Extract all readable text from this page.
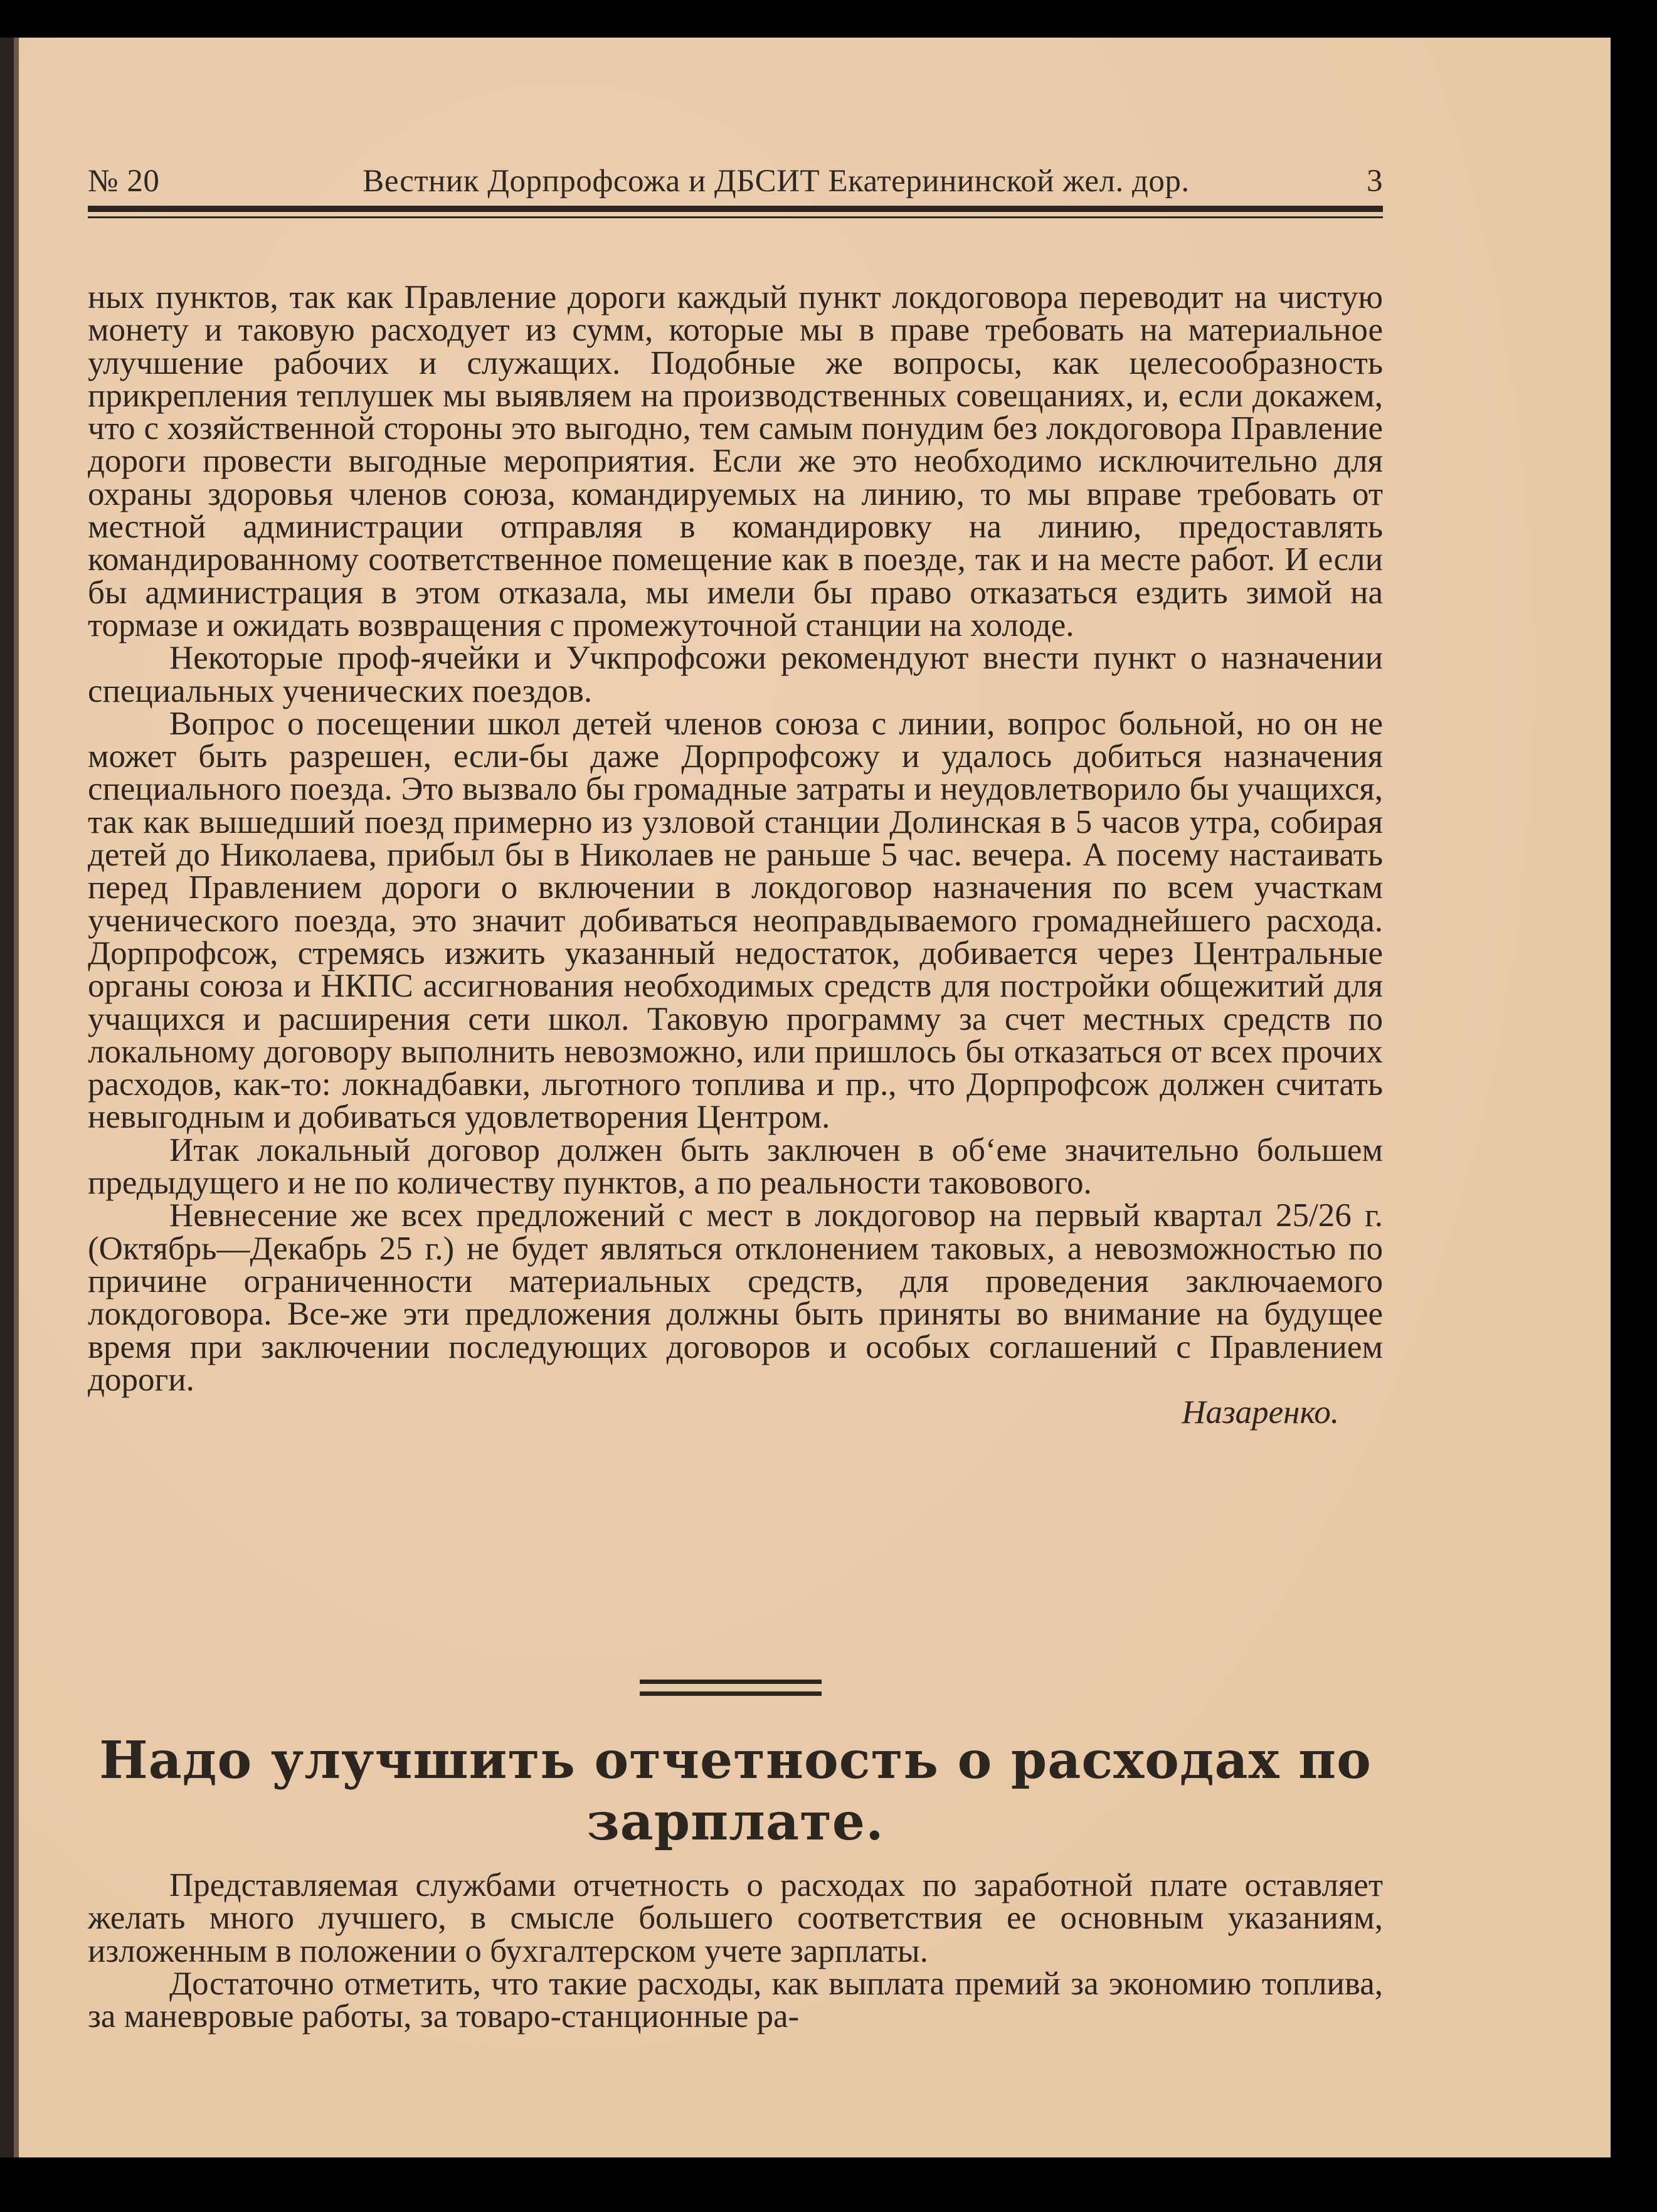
№ 20	Вестник Дорпрофсожа и ДБСИТ Екатерининской жел. дор.	3

ных пунктов, так как Правление дороги каждый пункт локдоговора переводит на чистую монету и таковую расходует из сумм, которые мы в праве требовать на материальное улучшение рабочих и служащих. Подобные же вопросы, как целесообразность прикрепления теплушек мы выявляем на производственных совещаниях, и, если докажем, что с хозяйственной стороны это выгодно, тем самым понудим без локдоговора Правление дороги провести выгодные мероприятия. Если же это необходимо исключительно для охраны здоровья членов союза, командируемых на линию, то мы вправе требовать от местной администрации отправляя в командировку на линию, предоставлять командированному соответственное помещение как в поезде, так и на месте работ. И если бы администрация в этом отказала, мы имели бы право отказаться ездить зимой на тормазе и ожидать возвращения с промежуточной станции на холоде.

Некоторые проф-ячейки и Учкпрофсожи рекомендуют внести пункт о назначении специальных ученических поездов.

Вопрос о посещении школ детей членов союза с линии, вопрос больной, но он не может быть разрешен, если-бы даже Дорпрофсожу и удалось добиться назначения специального поезда. Это вызвало бы громадные затраты и неудовлетворило бы учащихся, так как вышедший поезд примерно из узловой станции Долинская в 5 часов утра, собирая детей до Николаева, прибыл бы в Николаев не раньше 5 час. вечера. А посему настаивать перед Правлением дороги о включении в локдоговор назначения по всем участкам ученического поезда, это значит добиваться неоправдываемого громаднейшего расхода. Дорпрофсож, стремясь изжить указанный недостаток, добивается через Центральные органы союза и НКПС ассигнования необходимых средств для постройки общежитий для учащихся и расширения сети школ. Таковую программу за счет местных средств по локальному договору выполнить невозможно, или пришлось бы отказаться от всех прочих расходов, как-то: локнадбавки, льготного топлива и пр., что Дорпрофсож должен считать невыгодным и добиваться удовлетворения Центром.

Итак локальный договор должен быть заключен в об‘еме значительно большем предыдущего и не по количеству пунктов, а по реальности таковового.

Невнесение же всех предложений с мест в локдоговор на первый квартал 25/26 г. (Октябрь—Декабрь 25 г.) не будет являться отклонением таковых, а невозможностью по причине ограниченности материальных средств, для проведения заключаемого локдоговора. Все-же эти предложения должны быть приняты во внимание на будущее время при заключении последующих договоров и особых соглашений с Правлением дороги.

Назаренко.
Надо улучшить отчетность о расходах по зарплате.

Представляемая службами отчетность о расходах по заработной плате оставляет желать много лучшего, в смысле большего соответствия ее основным указаниям, изложенным в положении о бухгалтерском учете зарплаты.

Достаточно отметить, что такие расходы, как выплата премий за экономию топлива, за маневровые работы, за товаро-станционные ра-
